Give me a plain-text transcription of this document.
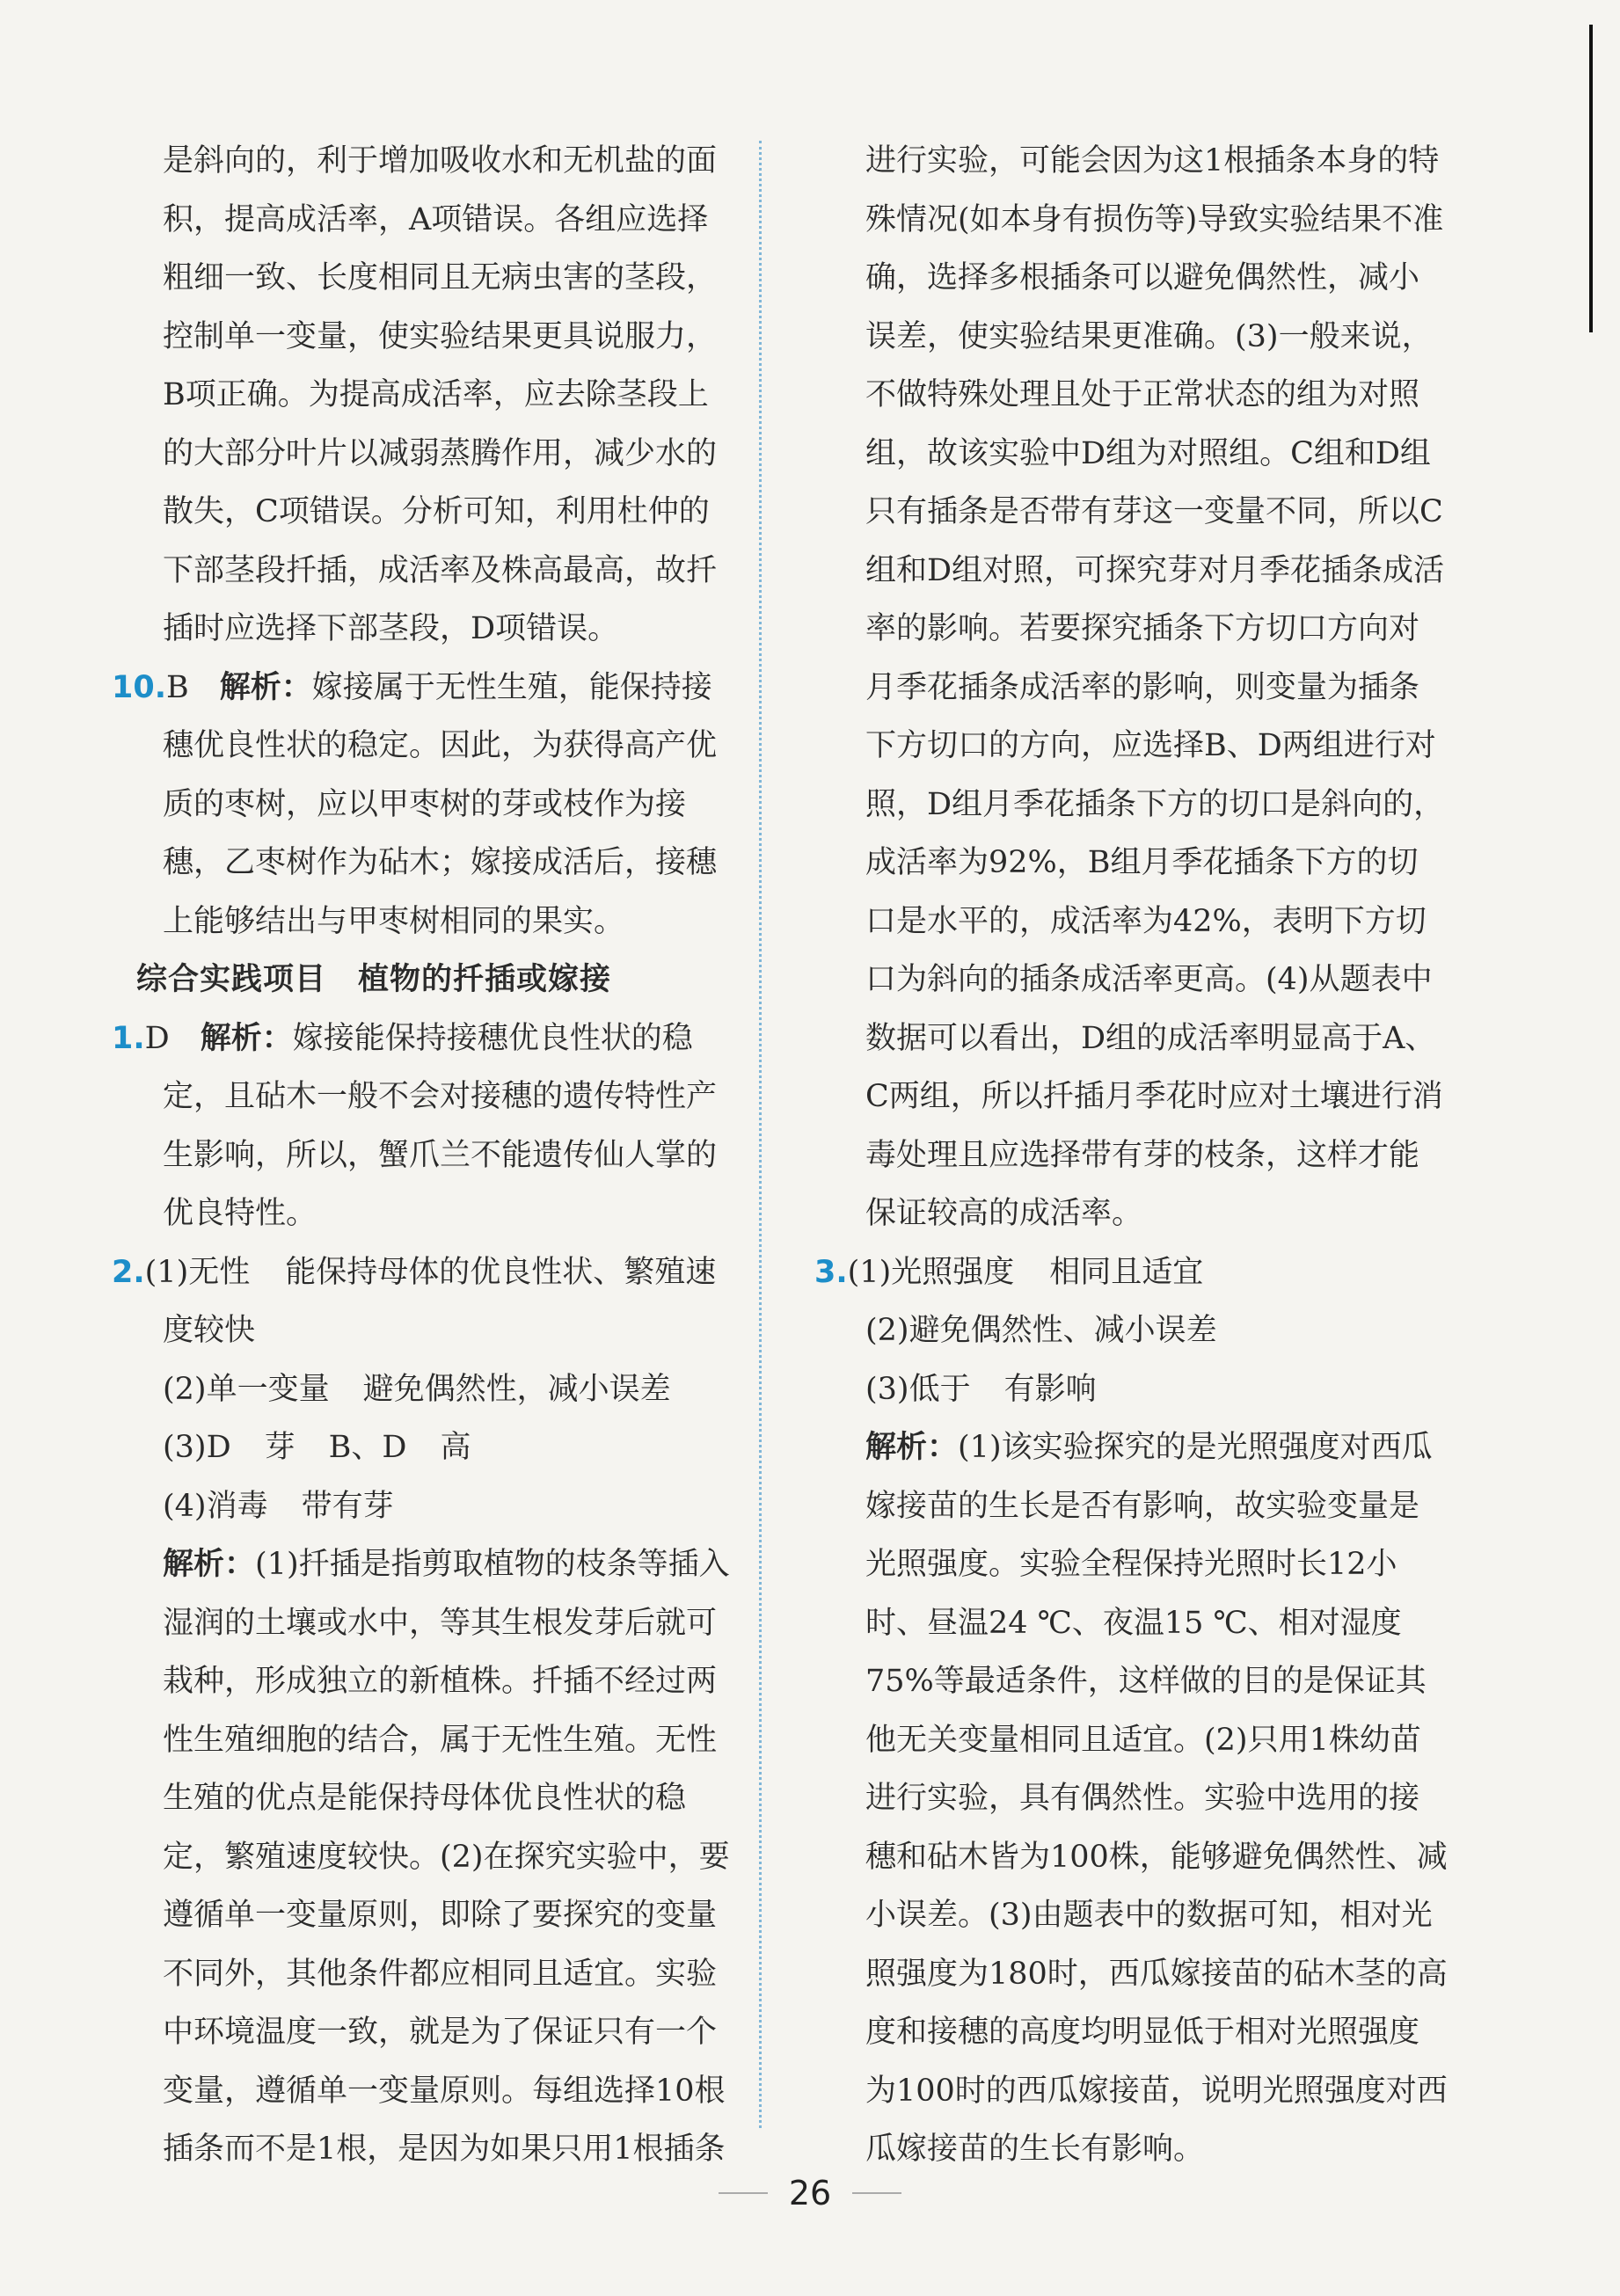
是斜向的，利于增加吸收水和无机盐的面积，提高成活率，A项错误。各组应选择粗细一致、长度相同且无病虫害的茎段，控制单一变量，使实验结果更具说服力，B项正确。为提高成活率，应去除茎段上的大部分叶片以减弱蒸腾作用，减少水的散失，C项错误。分析可知，利用杜仲的下部茎段扦插，成活率及株高最高，故扦插时应选择下部茎段，D项错误。

10.B　 解析：嫁接属于无性生殖，能保持接穗优良性状的稳定。因此，为获得高产优质的枣树，应以甲枣树的芽或枝作为接穗，乙枣树作为砧木；嫁接成活后，接穗上能够结出与甲枣树相同的果实。

综合实践项目　植物的扦插或嫁接

1.D　 解析：嫁接能保持接穗优良性状的稳定，且砧木一般不会对接穗的遗传特性产生影响，所以，蟹爪兰不能遗传仙人掌的优良特性。

2.(1)无性 能保持母体的优良性状、繁殖速度较快

(2)单一变量 避免偶然性，减小误差

(3)D 芽 B、D 高

(4)消毒 带有芽

解析：(1)扦插是指剪取植物的枝条等插入湿润的土壤或水中，等其生根发芽后就可栽种，形成独立的新植株。扦插不经过两性生殖细胞的结合，属于无性生殖。无性生殖的优点是能保持母体优良性状的稳定，繁殖速度较快。(2)在探究实验中，要遵循单一变量原则，即除了要探究的变量不同外，其他条件都应相同且适宜。实验中环境温度一致，就是为了保证只有一个变量，遵循单一变量原则。每组选择10根插条而不是1根，是因为如果只用1根插条

进行实验，可能会因为这1根插条本身的特殊情况(如本身有损伤等)导致实验结果不准确，选择多根插条可以避免偶然性，减小误差，使实验结果更准确。(3)一般来说，不做特殊处理且处于正常状态的组为对照组，故该实验中D组为对照组。C组和D组只有插条是否带有芽这一变量不同，所以C组和D组对照，可探究芽对月季花插条成活率的影响。若要探究插条下方切口方向对月季花插条成活率的影响，则变量为插条下方切口的方向，应选择B、D两组进行对照，D组月季花插条下方的切口是斜向的，成活率为92%，B组月季花插条下方的切口是水平的，成活率为42%，表明下方切口为斜向的插条成活率更高。(4)从题表中数据可以看出，D组的成活率明显高于A、C两组，所以扦插月季花时应对土壤进行消毒处理且应选择带有芽的枝条，这样才能保证较高的成活率。

3.(1)光照强度 相同且适宜

(2)避免偶然性、减小误差

(3)低于 有影响

解析：(1)该实验探究的是光照强度对西瓜嫁接苗的生长是否有影响，故实验变量是光照强度。实验全程保持光照时长12小时、昼温24 ℃、夜温15 ℃、相对湿度75%等最适条件，这样做的目的是保证其他无关变量相同且适宜。(2)只用1株幼苗进行实验，具有偶然性。实验中选用的接穗和砧木皆为100株，能够避免偶然性、减小误差。(3)由题表中的数据可知，相对光照强度为180时，西瓜嫁接苗的砧木茎的高度和接穗的高度均明显低于相对光照强度为100时的西瓜嫁接苗，说明光照强度对西瓜嫁接苗的生长有影响。

26
